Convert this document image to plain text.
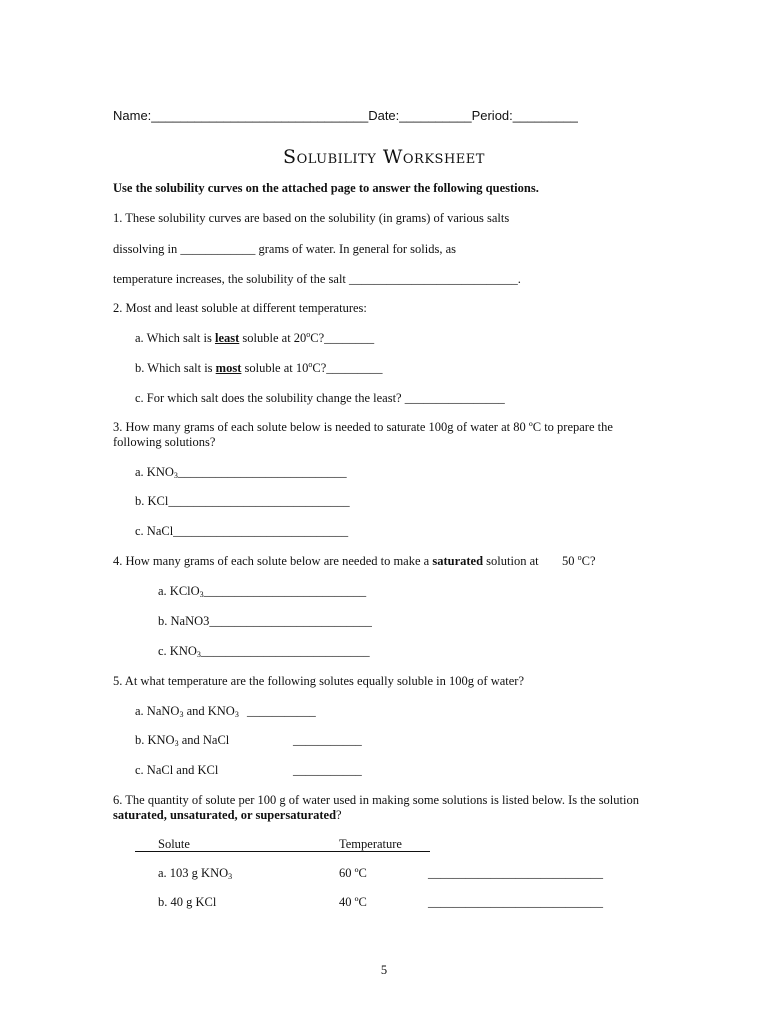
Name:______________________________Date:__________Period:_________
Solubility Worksheet
Use the solubility curves on the attached page to answer the following questions.
1. These solubility curves are based on the solubility (in grams) of various salts
dissolving in ____________ grams of water. In general for solids, as
temperature increases, the solubility of the salt ___________________________.
2. Most and least soluble at different temperatures:
a. Which salt is least soluble at 20$^o$C?________
b. Which salt is most soluble at 10$^o$C?_________
c. For which salt does the solubility change the least? ________________
3. How many grams of each solute below is needed to saturate 100g of water at 80 ºC to prepare the
following solutions?
a. $KNO_3\_\_\_\_\_\_\_\_\_\_\_\_\_\_\_\_\_\_\_\_\_\_\_\_\_\_\_$
b. KCl_____________________________
c. NaCl____________________________
4. How many grams of each solute below are needed to make a saturated solution at 50 $^o$C?
a. KClO$_3$__________________________
b. NaNO3__________________________
c. $KNO_3\_\_\_\_\_\_\_\_\_\_\_\_\_\_\_\_\_\_\_\_\_\_\_\_\_\_\_$
5. At what temperature are the following solutes equally soluble in 100g of water?
a. NaNO$_3$ and $KNO_3$ ___________
b. $KNO_3$ and NaCl	___________
c. NaCl and KCl	___________
6. The quantity of solute per 100 g of water used in making some solutions is listed below. Is the solution
saturated, unsaturated, or supersaturated?
Solute	Temperature
a. 103 g $KNO_3$	60 ºC	____________________________
b. 40 g KCl	40 ºC	____________________________
5
